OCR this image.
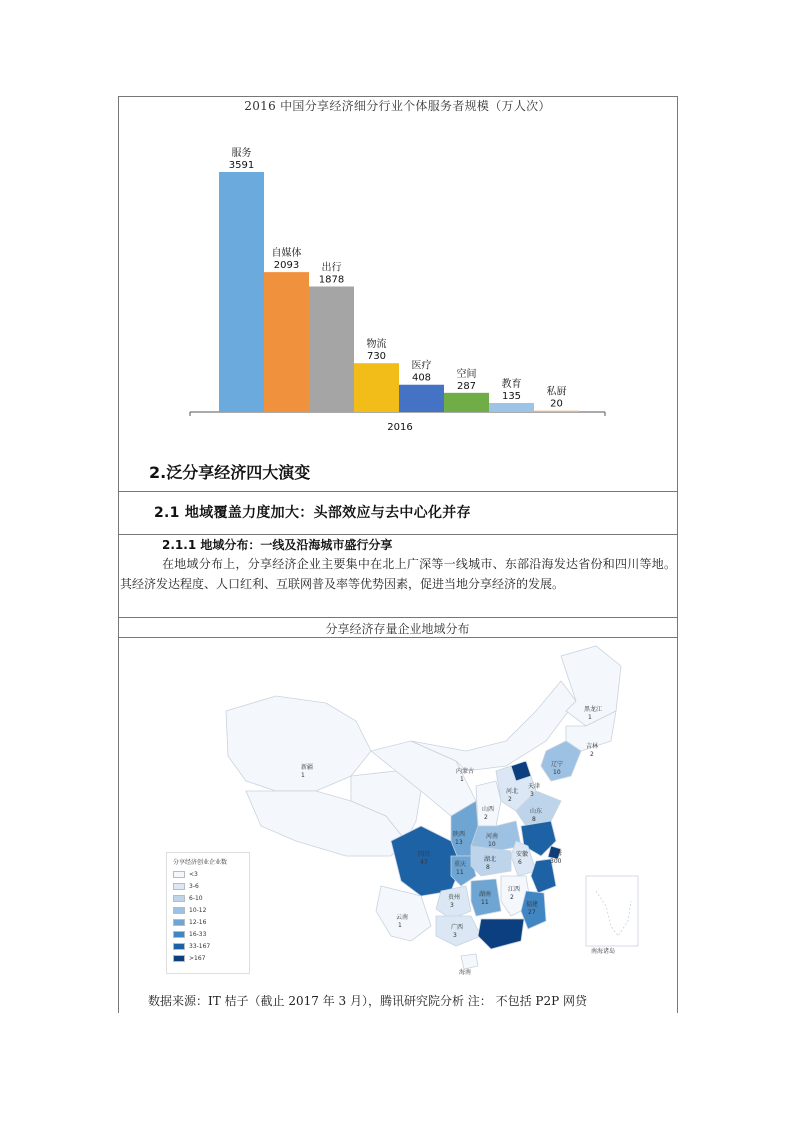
2016 中国分享经济细分行业个体服务者规模（万人次）
服务
3591
自媒体
2093 出行
1878
物流
730
医疗
408	空间
287	教育
135	私厨
20
2016
2.泛分享经济四大演变
2.1 地域覆盖力度加大：头部效应与去中心化并存
2.1.1 地域分布：一线及沿海城市盛行分享
在地域分布上，分享经济企业主要集中在北上广深等一线城市、东部沿海发达省份和四川等地。其经济发达程度、人口红利、互联网普及率等优势因素，促进当地分享经济的发展。
分享经济存量企业地域分布
南海诸岛
新疆
黑龙江
吉林
辽宁
内蒙古
天津
河北
山西	山东
河南
陕西
四川
重庆
湖北
安徽	上海
贵州	湖南
江西
福建
云南
广西
海南
1
1
2
10
1
3
2
2	8
10
13
47
11
8
6	300
3	11
2
27
1
3
分享经济创业企业数
<3
3-6
6-10
10-12
12-16
16-33
33-167
>167
数据来源：IT 桔子（截止 2017 年 3 月），腾讯研究院分析 注： 不包括 P2P 网贷
